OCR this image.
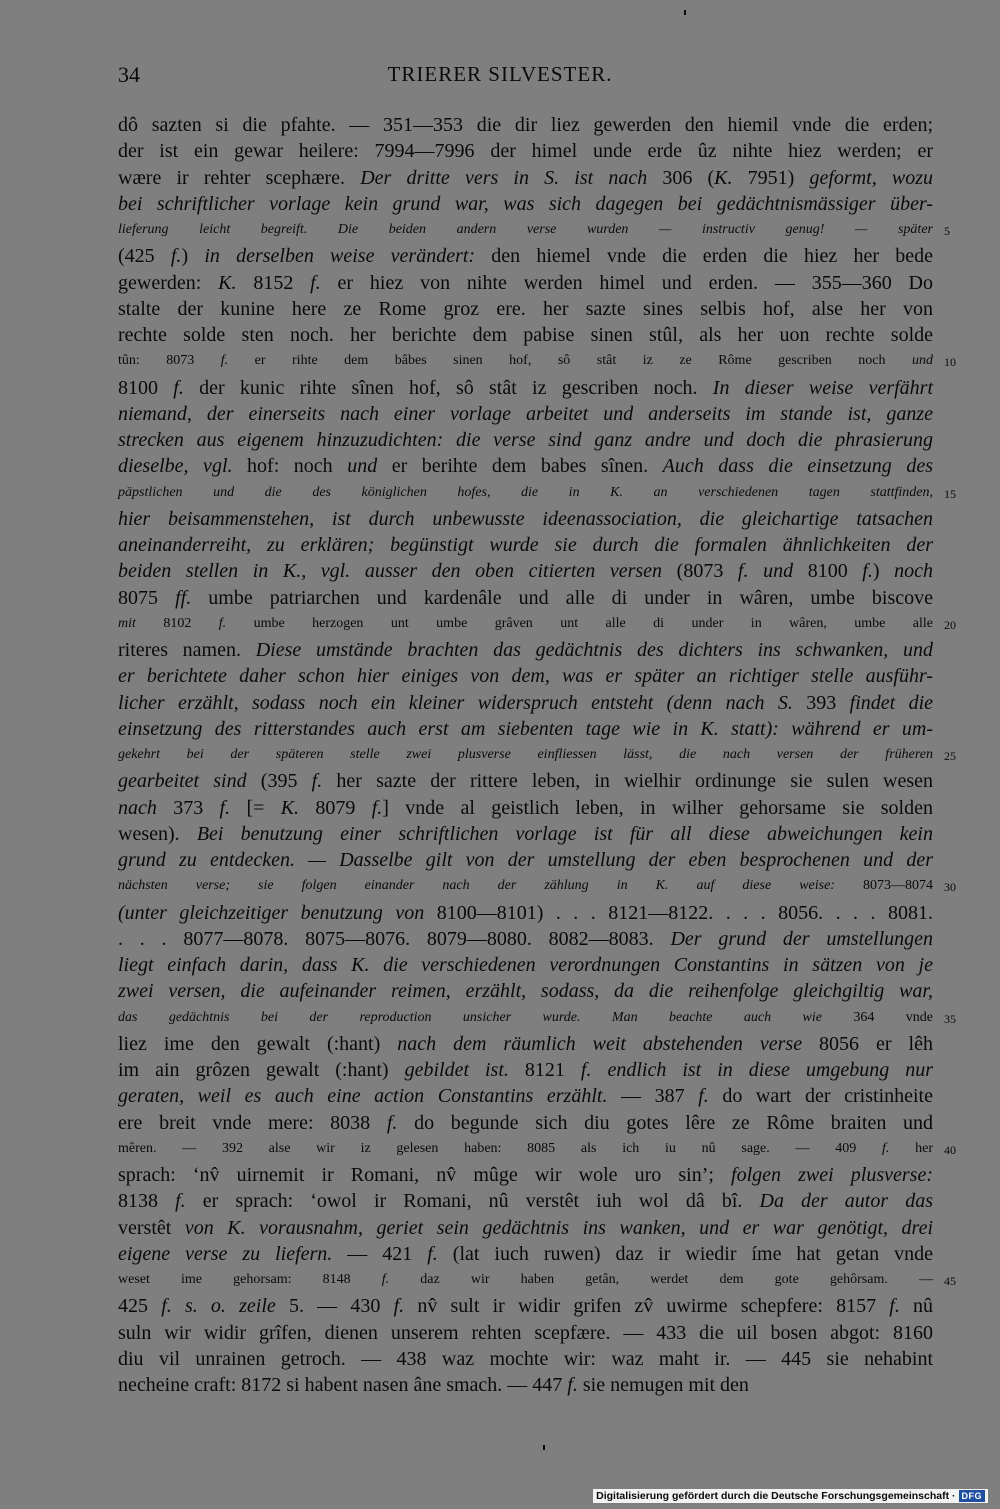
34	TRIERER SILVESTER.
dô sazten si die pfahte. — 351—353 die dir liez gewerden den hiemil vnde die erden;
der ist ein gewar heilere: 7994—7996 der himel unde erde ûz nihte hiez werden; er
wære ir rehter scephære. Der dritte vers in S. ist nach 306 (K. 7951) geformt, wozu
bei schriftlicher vorlage kein grund war, was sich dagegen bei gedächtnismässiger über-
lieferung leicht begreift. Die beiden andern verse wurden — instructiv genug! — später 5
(425 f.) in derselben weise verändert: den hiemel vnde die erden die hiez her bede
gewerden: K. 8152 f. er hiez von nihte werden himel und erden. — 355—360 Do
stalte der kunine here ze Rome groz ere. her sazte sines selbis hof, alse her von
rechte solde sten noch. her berichte dem pabise sinen stûl, als her uon rechte solde
tûn: 8073 f. er rihte dem bâbes sinen hof, sô stât iz ze Rôme gescriben noch und 10
8100 f. der kunic rihte sînen hof, sô stât iz gescriben noch. In dieser weise verfährt
niemand, der einerseits nach einer vorlage arbeitet und anderseits im stande ist, ganze
strecken aus eigenem hinzuzudichten: die verse sind ganz andre und doch die phrasierung
dieselbe, vgl. hof: noch und er berihte dem babes sînen. Auch dass die einsetzung des
päpstlichen und die des königlichen hofes, die in K. an verschiedenen tagen stattfinden, 15
hier beisammenstehen, ist durch unbewusste ideenassociation, die gleichartige tatsachen
aneinanderreiht, zu erklären; begünstigt wurde sie durch die formalen ähnlichkeiten der
beiden stellen in K., vgl. ausser den oben citierten versen (8073 f. und 8100 f.) noch
8075 ff. umbe patriarchen und kardenâle und alle di under in wâren, umbe biscove
mit 8102 f. umbe herzogen unt umbe grâven unt alle di under in wâren, umbe alle 20
riteres namen. Diese umstände brachten das gedächtnis des dichters ins schwanken, und
er berichtete daher schon hier einiges von dem, was er später an richtiger stelle ausführ-
licher erzählt, sodass noch ein kleiner widerspruch entsteht (denn nach S. 393 findet die
einsetzung des ritterstandes auch erst am siebenten tage wie in K. statt): während er um-
gekehrt bei der späteren stelle zwei plusverse einfliessen lässt, die nach versen der früheren 25
gearbeitet sind (395 f. her sazte der rittere leben, in wielhir ordinunge sie sulen wesen
nach 373 f. [= K. 8079 f.] vnde al geistlich leben, in wilher gehorsame sie solden
wesen). Bei benutzung einer schriftlichen vorlage ist für all diese abweichungen kein
grund zu entdecken. — Dasselbe gilt von der umstellung der eben besprochenen und der
nächsten verse; sie folgen einander nach der zählung in K. auf diese weise: 8073—8074 30
(unter gleichzeitiger benutzung von 8100—8101) . . . 8121—8122. . . . 8056. . . . 8081.
. . . 8077—8078. 8075—8076. 8079—8080. 8082—8083. Der grund der umstellungen
liegt einfach darin, dass K. die verschiedenen verordnungen Constantins in sätzen von je
zwei versen, die aufeinander reimen, erzählt, sodass, da die reihenfolge gleichgiltig war,
das gedächtnis bei der reproduction unsicher wurde. Man beachte auch wie 364 vnde 35
liez ime den gewalt (:hant) nach dem räumlich weit abstehenden verse 8056 er lêh
im ain grôzen gewalt (:hant) gebildet ist. 8121 f. endlich ist in diese umgebung nur
geraten, weil es auch eine action Constantins erzählt. — 387 f. do wart der cristinheite
ere breit vnde mere: 8038 f. do begunde sich diu gotes lêre ze Rôme braiten und
mêren. — 392 alse wir iz gelesen haben: 8085 als ich iu nû sage. — 409 f. her 40
sprach: ‘nv̂ uirnemit ir Romani, nv̂ mûge wir wole uro sin’; folgen zwei plusverse:
8138 f. er sprach: ‘owol ir Romani, nû verstêt iuh wol dâ bî. Da der autor das
verstêt von K. vorausnahm, geriet sein gedächtnis ins wanken, und er war genötigt, drei
eigene verse zu liefern. — 421 f. (lat iuch ruwen) daz ir wiedir íme hat getan vnde
weset ime gehorsam: 8148 f. daz wir haben getân, werdet dem gote gehôrsam. — 45
425 f. s. o. zeile 5. — 430 f. nv̂ sult ir widir grifen zv̂ uwirme schepfere: 8157 f. nû
suln wir widir grîfen, dienen unserem rehten scepfære. — 433 die uil bosen abgot: 8160
diu vil unrainen getroch. — 438 waz mochte wir: waz maht ir. — 445 sie nehabint
necheine craft: 8172 si habent nasen âne smach. — 447 f. sie nemugen mit den
Digitalisierung gefördert durch die Deutsche Forschungsgemeinschaft · DFG
